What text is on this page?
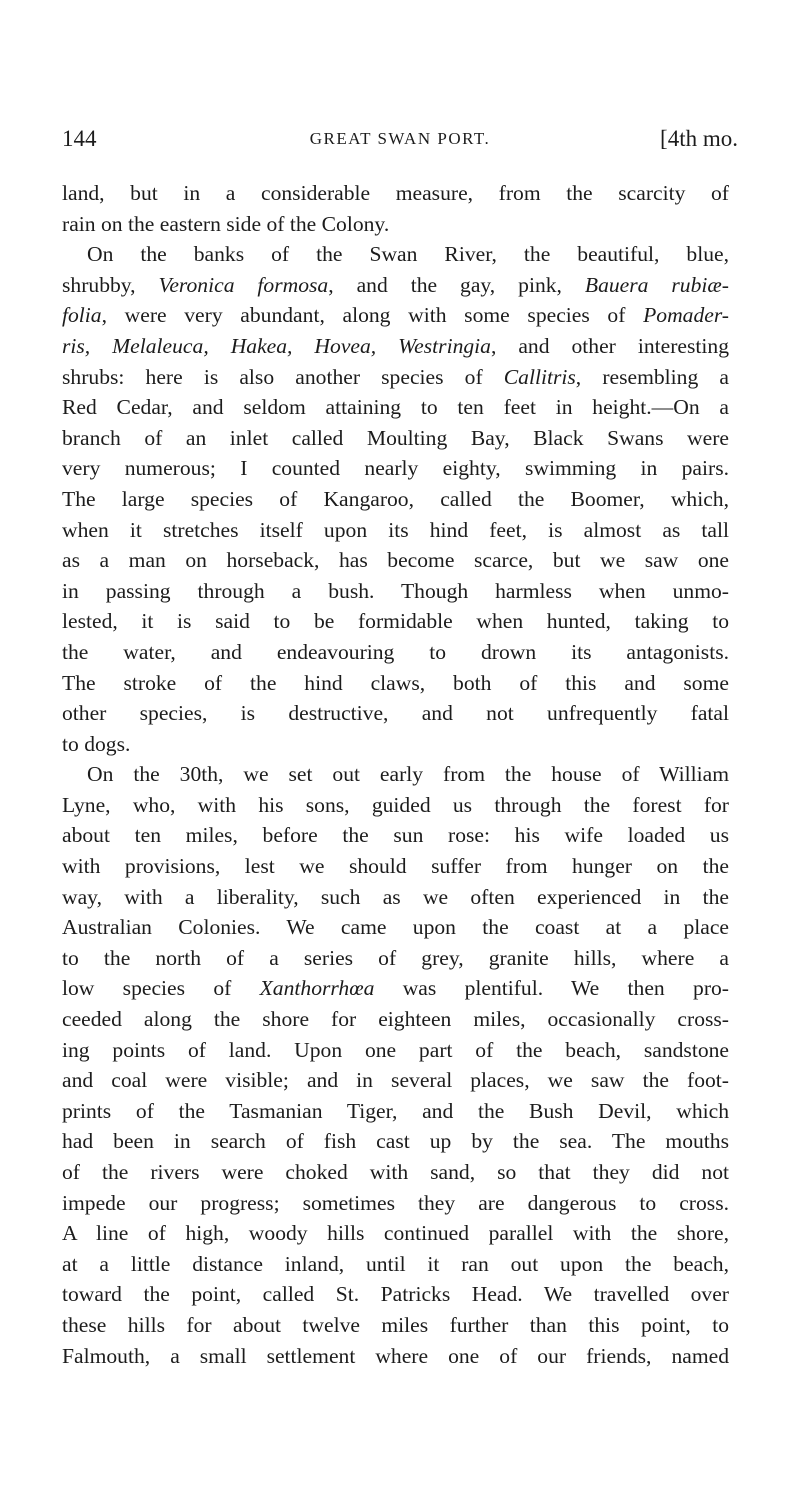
144	GREAT SWAN PORT.	[4th mo.
land, but in a considerable measure, from the scarcity of
rain on the eastern side of the Colony.
On the banks of the Swan River, the beautiful, blue,
shrubby, Veronica formosa, and the gay, pink, Bauera rubiæ-
folia, were very abundant, along with some species of Pomader-
ris, Melaleuca, Hakea, Hovea, Westringia, and other interesting
shrubs: here is also another species of Callitris, resembling a
Red Cedar, and seldom attaining to ten feet in height.—On a
branch of an inlet called Moulting Bay, Black Swans were
very numerous; I counted nearly eighty, swimming in pairs.
The large species of Kangaroo, called the Boomer, which,
when it stretches itself upon its hind feet, is almost as tall
as a man on horseback, has become scarce, but we saw one
in passing through a bush. Though harmless when unmo-
lested, it is said to be formidable when hunted, taking to
the water, and endeavouring to drown its antagonists.
The stroke of the hind claws, both of this and some
other species, is destructive, and not unfrequently fatal
to dogs.
On the 30th, we set out early from the house of William
Lyne, who, with his sons, guided us through the forest for
about ten miles, before the sun rose: his wife loaded us
with provisions, lest we should suffer from hunger on the
way, with a liberality, such as we often experienced in the
Australian Colonies. We came upon the coast at a place
to the north of a series of grey, granite hills, where a
low species of Xanthorrhœa was plentiful. We then pro-
ceeded along the shore for eighteen miles, occasionally cross-
ing points of land. Upon one part of the beach, sandstone
and coal were visible; and in several places, we saw the foot-
prints of the Tasmanian Tiger, and the Bush Devil, which
had been in search of fish cast up by the sea. The mouths
of the rivers were choked with sand, so that they did not
impede our progress; sometimes they are dangerous to cross.
A line of high, woody hills continued parallel with the shore,
at a little distance inland, until it ran out upon the beach,
toward the point, called St. Patricks Head. We travelled over
these hills for about twelve miles further than this point, to
Falmouth, a small settlement where one of our friends, named
